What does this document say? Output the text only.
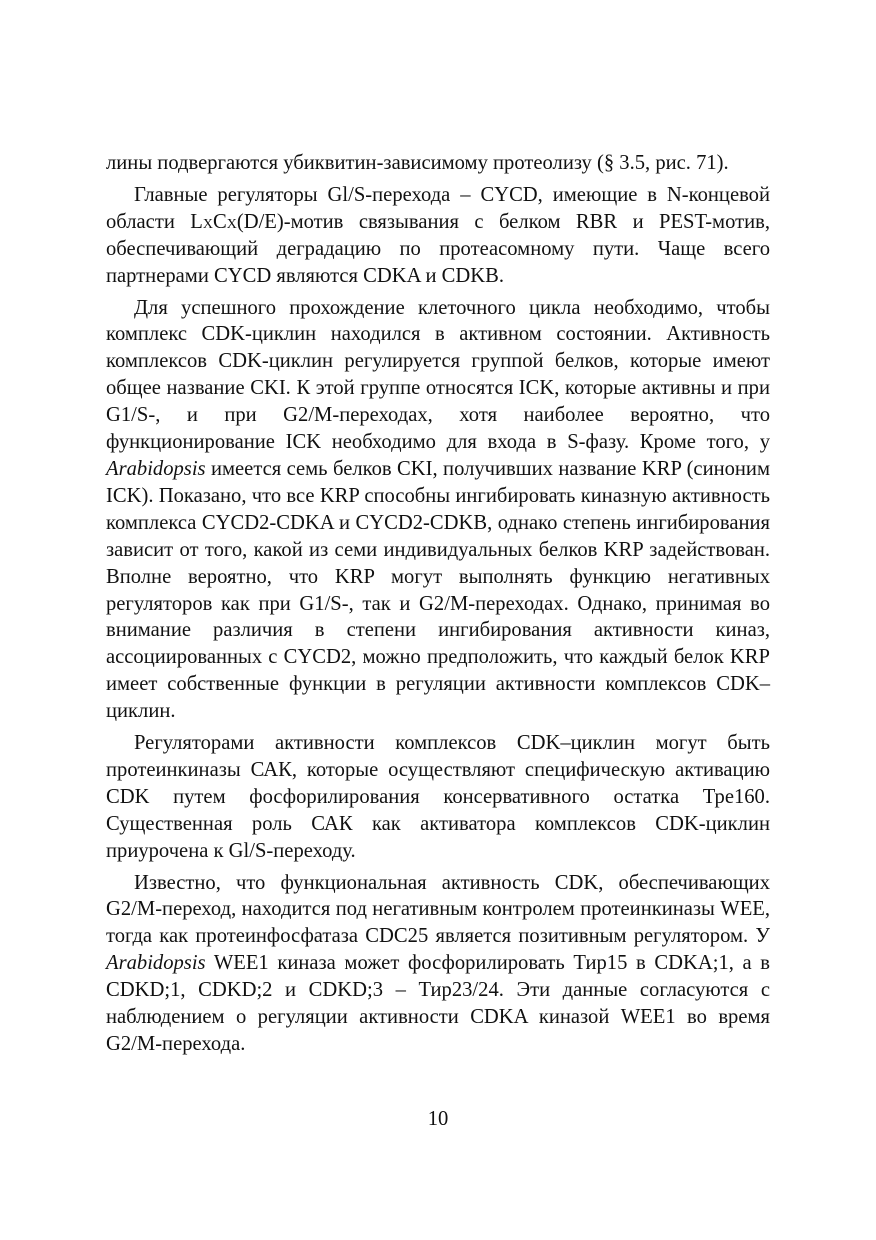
лины подвергаются убиквитин-зависимому протеолизу (§ 3.5, рис. 71).

Главные регуляторы Gl/S-перехода – CYCD, имеющие в N-концевой области LxCx(D/E)-мотив связывания с белком RBR и PEST-мотив, обеспечивающий деградацию по протеасомному пути. Чаще всего партнерами CYCD являются CDKA и CDKB.

Для успешного прохождение клеточного цикла необходимо, чтобы комплекс CDK-циклин находился в активном состоянии. Активность комплексов CDK-циклин регулируется группой белков, которые имеют общее название CKI. К этой группе относятся ICK, которые активны и при G1/S-, и при G2/M-переходах, хотя наиболее вероятно, что функционирование ICK необходимо для входа в S-фазу. Кроме того, у Arabidopsis имеется семь белков CKI, получивших название KRP (синоним ICK). Показано, что все KRP способны ингибировать киназную активность комплекса CYCD2-CDKA и CYCD2-CDKB, однако степень ингибирования зависит от того, какой из семи индивидуальных белков KRP задействован. Вполне вероятно, что KRP могут выполнять функцию негативных регуляторов как при G1/S-, так и G2/M-переходах. Однако, принимая во внимание различия в степени ингибирования активности киназ, ассоциированных с CYCD2, можно предположить, что каждый белок KRP имеет собственные функции в регуляции активности комплексов CDK–циклин.

Регуляторами активности комплексов CDK–циклин могут быть протеинкиназы САК, которые осуществляют специфическую активацию CDK путем фосфорилирования консервативного остатка Тре160. Существенная роль САК как активатора комплексов CDK-циклин приурочена к Gl/S-переходу.

Известно, что функциональная активность CDK, обеспечивающих G2/M-переход, находится под негативным контролем протеинкиназы WEE, тогда как протеинфосфатаза CDC25 является позитивным регулятором. У Arabidopsis WEE1 киназа может фосфорилировать Тир15 в CDKA;1, а в CDKD;1, CDKD;2 и CDKD;3 – Тир23/24. Эти данные согласуются с наблюдением о регуляции активности CDKA киназой WEE1 во время G2/M-перехода.

10
